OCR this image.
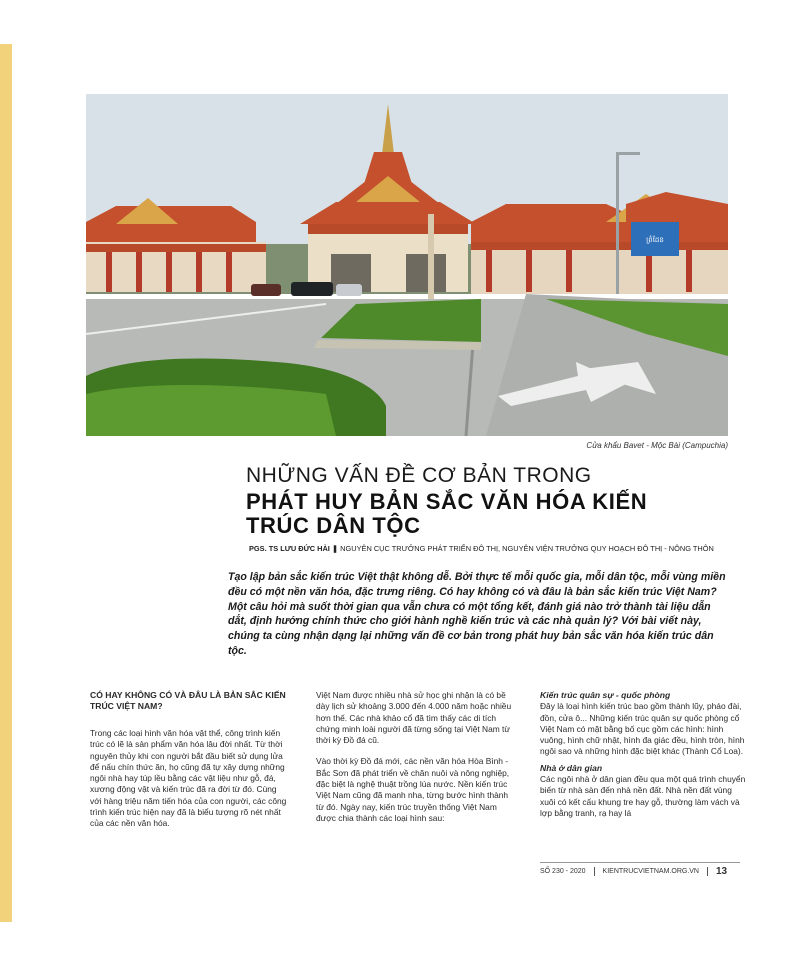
ព្រំដែន
Cửa khẩu Bavet - Mộc Bài (Campuchia)
NHỮNG VẤN ĐỀ CƠ BẢN TRONG
PHÁT HUY BẢN SẮC VĂN HÓA KIẾN TRÚC DÂN TỘC
PGS. TS LƯU ĐỨC HẢI ❚ NGUYÊN CỤC TRƯỞNG PHÁT TRIỂN ĐÔ THỊ, NGUYÊN VIỆN TRƯỞNG QUY HOẠCH ĐÔ THỊ - NÔNG THÔN
Tạo lập bản sắc kiến trúc Việt thật không dễ. Bởi thực tế mỗi quốc gia, mỗi dân tộc, mỗi vùng miền đều có một nền văn hóa, đặc trưng riêng. Có hay không có và đâu là bản sắc kiến trúc Việt Nam? Một câu hỏi mà suốt thời gian qua vẫn chưa có một tổng kết, đánh giá nào trở thành tài liệu dẫn dắt, định hướng chính thức cho giới hành nghề kiến trúc và các nhà quản lý? Với bài viết này, chúng ta cùng nhận dạng lại những vấn đề cơ bản trong phát huy bản sắc văn hóa kiến trúc dân tộc.
CÓ HAY KHÔNG CÓ VÀ ĐÂU LÀ BẢN SẮC KIẾN TRÚC VIỆT NAM?

Trong các loại hình văn hóa vật thể, công trình kiến trúc có lẽ là sản phẩm văn hóa lâu đời nhất. Từ thời nguyên thủy khi con người bắt đầu biết sử dụng lửa để nấu chín thức ăn, họ cũng đã tự xây dựng những ngôi nhà hay túp lều bằng các vật liệu như gỗ, đá, xương động vật và kiến trúc đã ra đời từ đó. Cùng với hàng triệu năm tiến hóa của con người, các công trình kiến trúc hiện nay đã là biểu tượng rõ nét nhất của các nền văn hóa.

Việt Nam được nhiều nhà sử học ghi nhận là có bề dày lịch sử khoảng 3.000 đến 4.000 năm hoặc nhiều hơn thế. Các nhà khảo cổ đã tìm thấy các di tích chứng minh loài người đã từng sống tại Việt Nam từ thời kỳ Đồ đá cũ.

Vào thời kỳ Đồ đá mới, các nền văn hóa Hòa Bình - Bắc Sơn đã phát triển về chăn nuôi và nông nghiệp, đặc biệt là nghệ thuật trồng lúa nước. Nền kiến trúc Việt Nam cũng đã manh nha, từng bước hình thành từ đó. Ngày nay, kiến trúc truyền thống Việt Nam được chia thành các loại hình sau:

Kiến trúc quân sự - quốc phòng

Đây là loại hình kiến trúc bao gồm thành lũy, pháo đài, đồn, cửa ô... Những kiến trúc quân sự quốc phòng cổ Việt Nam có mặt bằng bố cục gồm các hình: hình vuông, hình chữ nhật, hình đa giác đều, hình tròn, hình ngôi sao và những hình đặc biệt khác (Thành Cổ Loa).

Nhà ở dân gian

Các ngôi nhà ở dân gian đều qua một quá trình chuyển biến từ nhà sàn đến nhà nền đất. Nhà nền đất vùng xuôi có kết cấu khung tre hay gỗ, thường làm vách và lợp bằng tranh, rạ hay lá

SỐ 230 - 2020 KIENTRUCVIETNAM.ORG.VN 13
